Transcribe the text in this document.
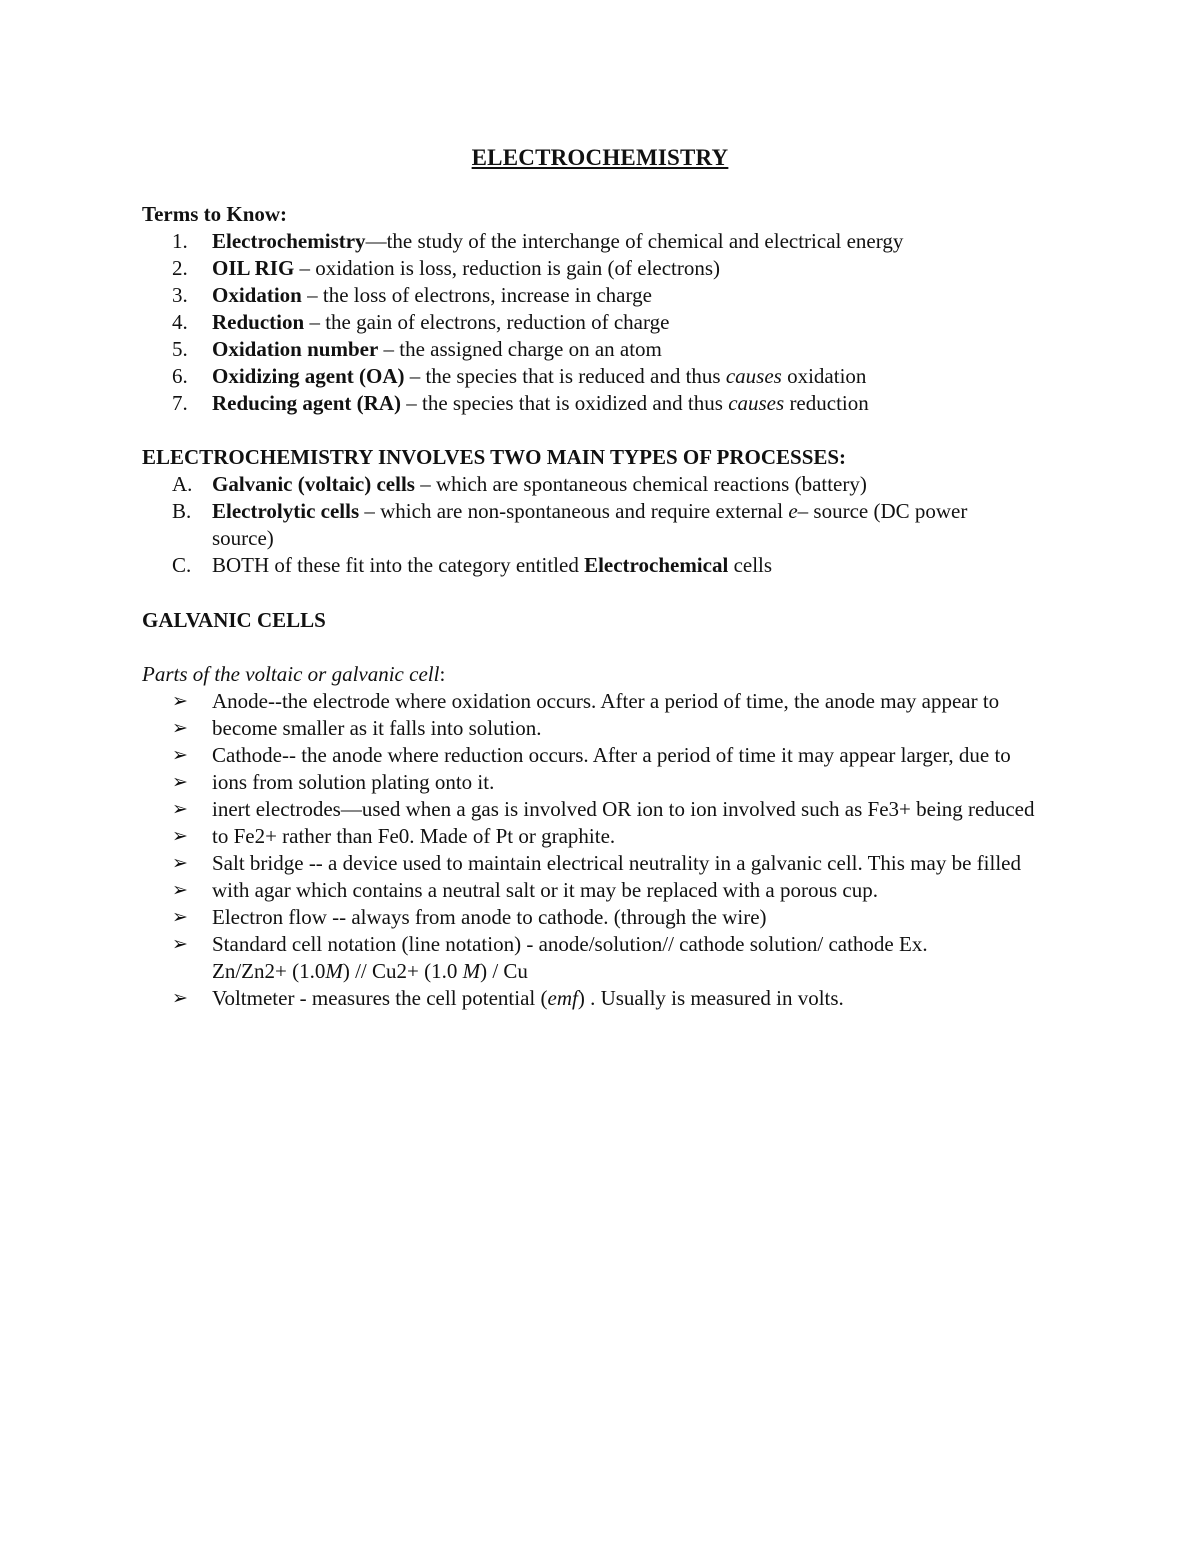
ELECTROCHEMISTRY
Terms to Know:
1.	Electrochemistry—the study of the interchange of chemical and electrical energy
2.	OIL RIG – oxidation is loss, reduction is gain (of electrons)
3.	Oxidation – the loss of electrons, increase in charge
4.	Reduction – the gain of electrons, reduction of charge
5.	Oxidation number – the assigned charge on an atom
6.	Oxidizing agent (OA) – the species that is reduced and thus causes oxidation
7.	Reducing agent (RA) – the species that is oxidized and thus causes reduction
ELECTROCHEMISTRY INVOLVES TWO MAIN TYPES OF PROCESSES:
A. Galvanic (voltaic) cells – which are spontaneous chemical reactions (battery)
B. Electrolytic cells – which are non-spontaneous and require external e– source (DC power source)
C. BOTH of these fit into the category entitled Electrochemical cells
GALVANIC CELLS
Parts of the voltaic or galvanic cell:
➢	Anode--the electrode where oxidation occurs. After a period of time, the anode may appear to
➢	become smaller as it falls into solution.
➢	Cathode-- the anode where reduction occurs. After a period of time it may appear larger, due to
➢	ions from solution plating onto it.
➢	inert electrodes—used when a gas is involved OR ion to ion involved such as Fe3+ being reduced
➢	to Fe2+ rather than Fe0. Made of Pt or graphite.
➢	Salt bridge -- a device used to maintain electrical neutrality in a galvanic cell. This may be filled
➢	with agar which contains a neutral salt or it may be replaced with a porous cup.
➢	Electron flow -- always from anode to cathode. (through the wire)
➢	Standard cell notation (line notation) - anode/solution// cathode solution/ cathode Ex.
Zn/Zn2+ (1.0M) // Cu2+ (1.0 M) / Cu
➢	Voltmeter - measures the cell potential (emf) . Usually is measured in volts.
